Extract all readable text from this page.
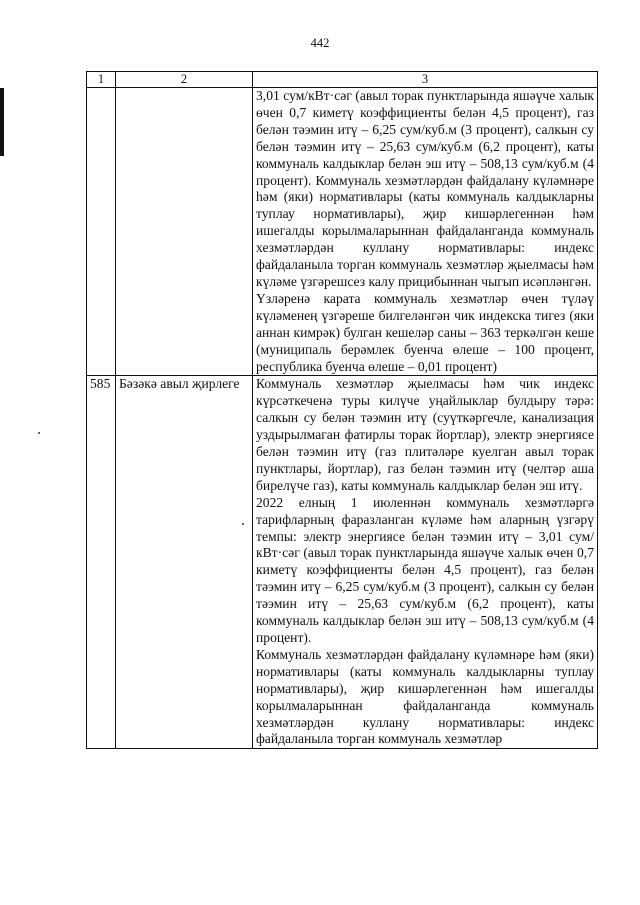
442
1	2	3

		3,01 сум/кВт·сәг (авыл торак пунктларында яшәүче халык өчен 0,7 киметү коэффициенты белән 4,5 процент), газ белән тәэмин итү – 6,25 сум/куб.м (3 процент), салкын су белән тәэмин итү – 25,63 сум/куб.м (6,2 процент), каты коммуналь калдыклар белән эш итү – 508,13 сум/куб.м (4 процент). Коммуналь хезмәтләрдән файдалану күләмнәре һәм (яки) нормативлары (каты коммуналь калдыкларны туплау нормативлары), җир кишәрлегеннән һәм ишегалды корылмаларыннан файдаланганда коммуналь хезмәтләрдән куллану нормативлары: индекс файдаланыла торган коммуналь хезмәтләр җыелмасы һәм күләме үзгәрешсез калу прицибыннан чыгып исәпләнгән.

Үзләренә карата коммуналь хезмәтләр өчен түләү күләменең үзгәреше билгеләнгән чик индекска тигез (яки аннан кимрәк) булган кешеләр саны – 363 теркәлгән кеше (муниципаль берәмлек буенча өлеше – 100 процент, республика буенча өлеше – 0,01 процент)

585	Бәзәкә авыл җирлеге	Коммуналь хезмәтләр җыелмасы һәм чик индекс күрсәткеченә туры килүче уңайлыклар булдыру тәрә: салкын су белән тәэмин итү (суүткәргечле, канализация уздырылмаган фатирлы торак йортлар), электр энергиясе белән тәэмин итү (газ плитәләре куелган авыл торак пунктлары, йортлар), газ белән тәэмин итү (челтәр аша бирелүче газ), каты коммуналь калдыклар белән эш итү.

2022 елның 1 июленнән коммуналь хезмәтләргә тарифларның фаразланган күләме һәм аларның үзгәрү темпы: электр энергиясе белән тәэмин итү – 3,01 сум/кВт·сәг (авыл торак пунктларында яшәүче халык өчен 0,7 киметү коэффициенты белән 4,5 процент), газ белән тәэмин итү – 6,25 сум/куб.м (3 процент), салкын су белән тәэмин итү – 25,63 сум/куб.м (6,2 процент), каты коммуналь калдыклар белән эш итү – 508,13 сум/куб.м (4 процент).

Коммуналь хезмәтләрдән файдалану күләмнәре һәм (яки) нормативлары (каты коммуналь калдыкларны туплау нормативлары), җир кишәрлегеннән һәм ишегалды корылмаларыннан файдаланганда коммуналь хезмәтләрдән куллану нормативлары: индекс файдаланыла торган коммуналь хезмәтләр
